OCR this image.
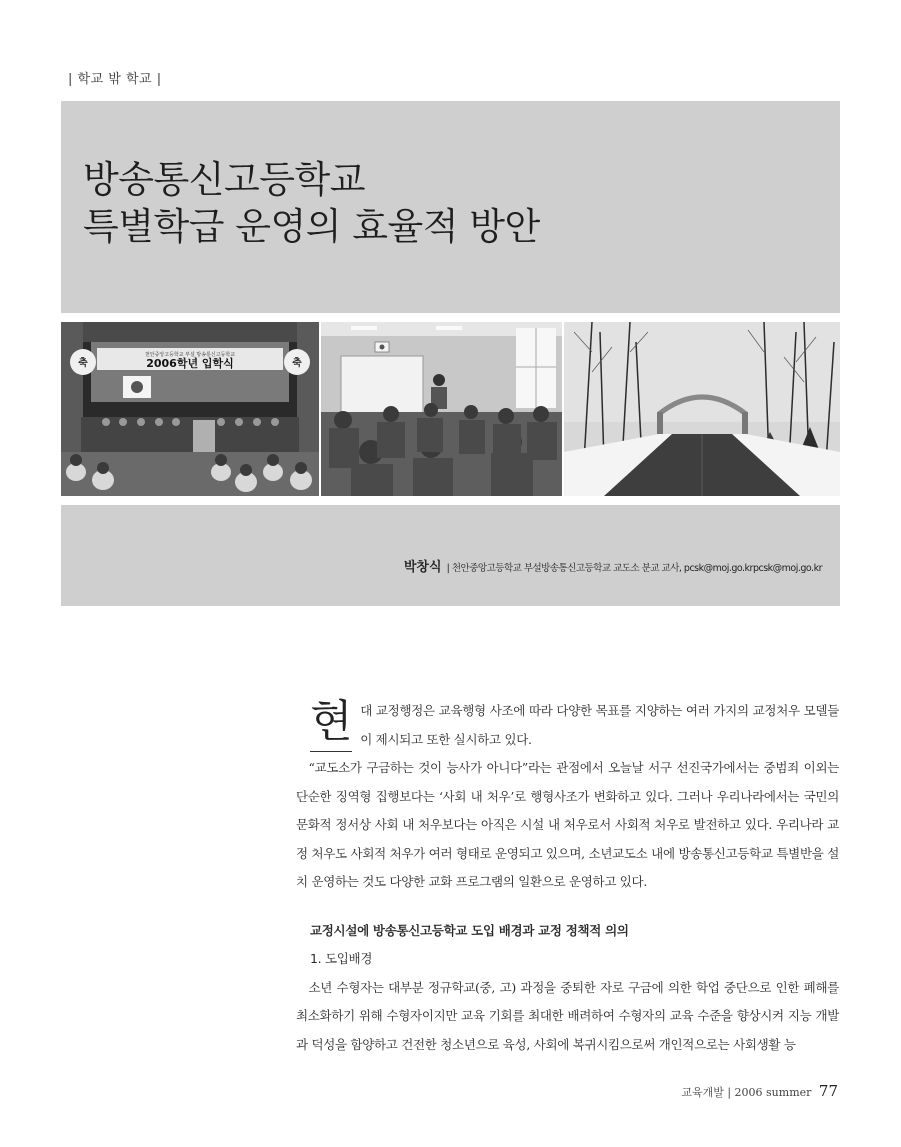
| 학교 밖 학교 |
방송통신고등학교
특별학급 운영의 효율적 방안
천안중앙고등학교 부설 방송통신고등학교
2006학년 입학식
축	축
박창식 | 천안중앙고등학교 부설방송통신고등학교 교도소 분교 교사, pcsk@moj.go.krpcsk@moj.go.kr

현 대 교정행정은 교육행형 사조에 따라 다양한 목표를 지양하는 여러 가지의 교정처우 모델들이 제시되고 또한 실시하고 있다.

“교도소가 구금하는 것이 능사가 아니다”라는 관점에서 오늘날 서구 선진국가에서는 중범죄 이외는 단순한 징역형 집행보다는 ‘사회 내 처우’로 행형사조가 변화하고 있다. 그러나 우리나라에서는 국민의 문화적 정서상 사회 내 처우보다는 아직은 시설 내 처우로서 사회적 처우로 발전하고 있다. 우리나라 교정 처우도 사회적 처우가 여러 형태로 운영되고 있으며, 소년교도소 내에 방송통신고등학교 특별반을 설치 운영하는 것도 다양한 교화 프로그램의 일환으로 운영하고 있다.

교정시설에 방송통신고등학교 도입 배경과 교정 정책적 의의

1. 도입배경

소년 수형자는 대부분 정규학교(중, 고) 과정을 중퇴한 자로 구금에 의한 학업 중단으로 인한 폐해를 최소화하기 위해 수형자이지만 교육 기회를 최대한 배려하여 수형자의 교육 수준을 향상시켜 지능 개발과 덕성을 함양하고 건전한 청소년으로 육성, 사회에 복귀시킴으로써 개인적으로는 사회생활 능

교육개발 | 2006 summer 77
